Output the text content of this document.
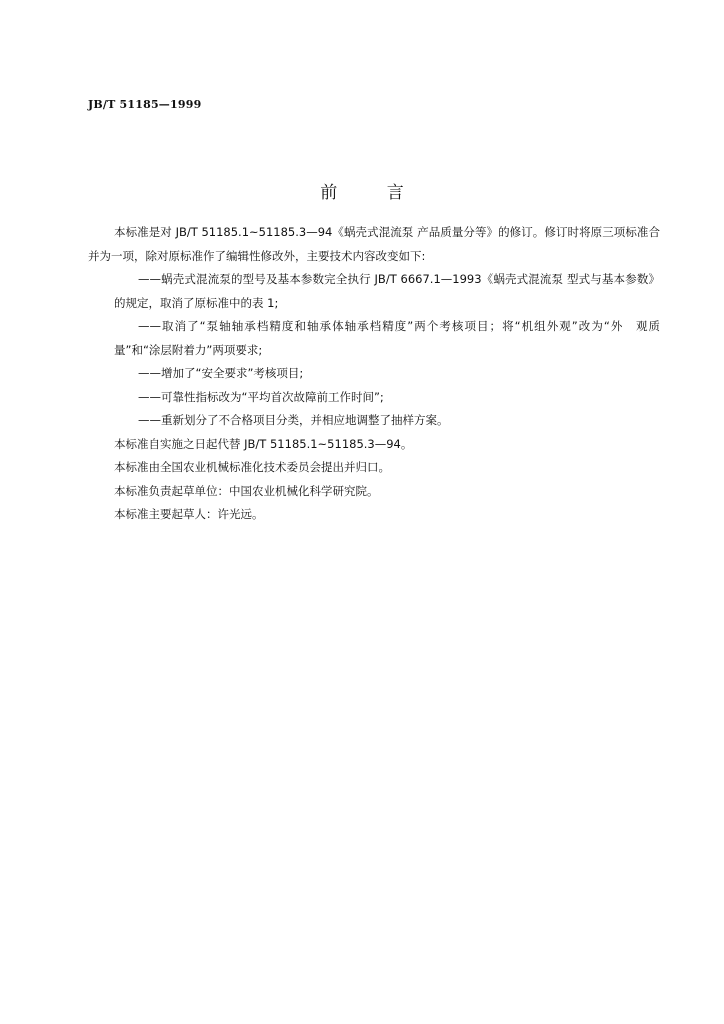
JB/T 51185—1999
前 言

本标准是对 JB/T 51185.1~51185.3—94《蜗壳式混流泵 产品质量分等》的修订。修订时将原三项标准合并为一项，除对原标准作了编辑性修改外，主要技术内容改变如下:

——蜗壳式混流泵的型号及基本参数完全执行 JB/T 6667.1—1993《蜗壳式混流泵 型式与基本参数》的规定，取消了原标准中的表 1;

——取消了“泵轴轴承档精度和轴承体轴承档精度”两个考核项目；将“机组外观”改为“外　观质量”和“涂层附着力”两项要求;

——增加了“安全要求”考核项目;

——可靠性指标改为“平均首次故障前工作时间”;

——重新划分了不合格项目分类，并相应地调整了抽样方案。

本标准自实施之日起代替 JB/T 51185.1~51185.3—94。

本标准由全国农业机械标准化技术委员会提出并归口。

本标准负责起草单位：中国农业机械化科学研究院。

本标准主要起草人：许光远。
